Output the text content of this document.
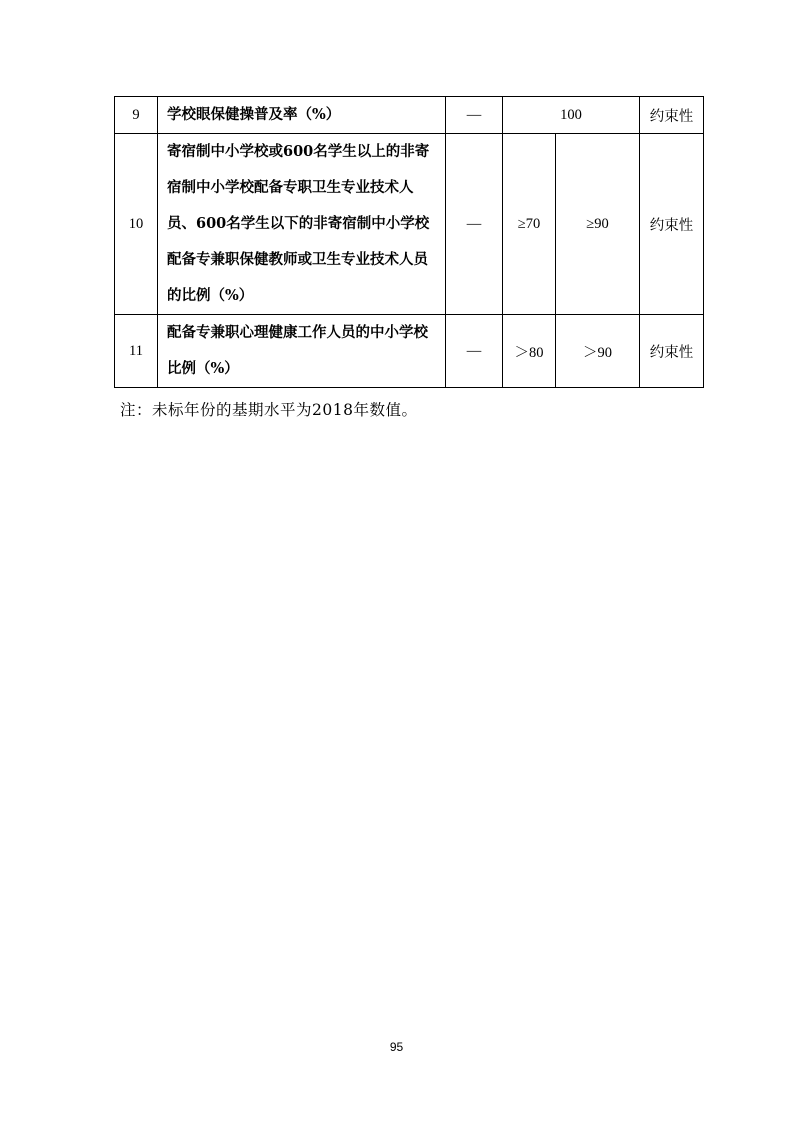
9	学校眼保健操普及率（%）	—	100		约束性
10	寄宿制中小学校或600名学生以上的非寄宿制中小学校配备专职卫生专业技术人员、600名学生以下的非寄宿制中小学校配备专兼职保健教师或卫生专业技术人员的比例（%）	—	≥70	≥90	约束性
11	配备专兼职心理健康工作人员的中小学校比例（%）	—	＞80	＞90	约束性
注：未标年份的基期水平为2018年数值。
95
